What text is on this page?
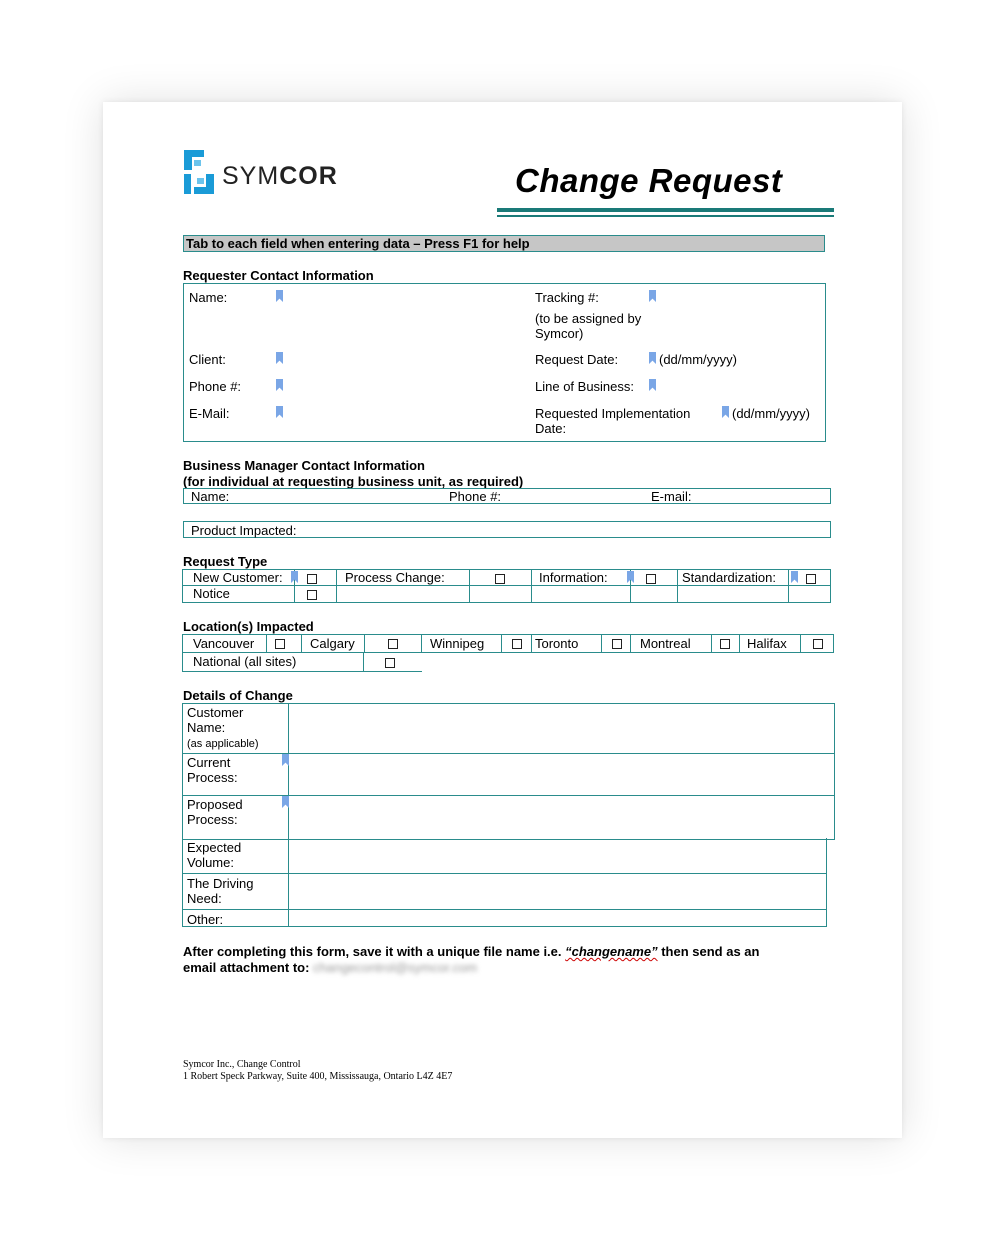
SYMCOR	Change Request
Tab to each field when entering data – Press F1 for help
Requester Contact Information
Name:	Tracking #:
(to be assigned by Symcor)
Client:	Request Date:	(dd/mm/yyyy)
Phone #:	Line of Business:
E-Mail:	Requested Implementation Date:
(dd/mm/yyyy)
Business Manager Contact Information
(for individual at requesting business unit, as required)
Name:	Phone #:	E-mail:
Product Impacted:
Request Type
New Customer:	Process Change:	Information:	Standardization:
Notice
Location(s) Impacted
Vancouver	Calgary	Winnipeg	Toronto	Montreal	Halifax
National (all sites)
Details of Change
Customer Name:
(as applicable)
Current Process:
Proposed Process:
Expected Volume:
The Driving Need:
Other:
After completing this form, save it with a unique file name i.e. “changename” then send as an email attachment to: changecontrol@symcor.com
Symcor Inc., Change Control
1 Robert Speck Parkway, Suite 400, Mississauga, Ontario L4Z 4E7
